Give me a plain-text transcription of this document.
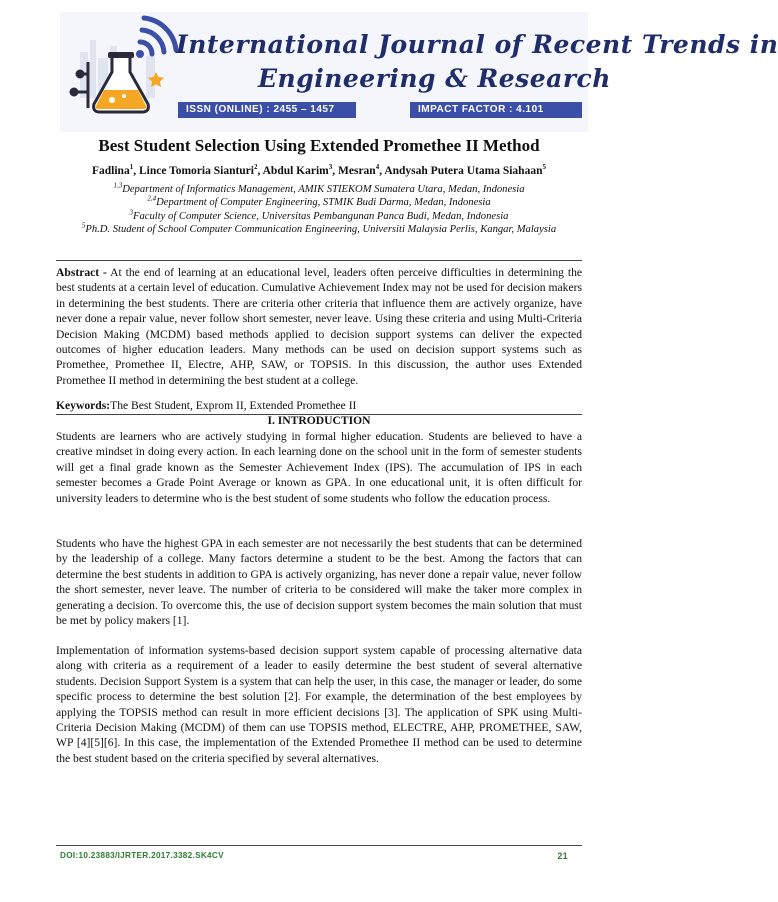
International Journal of Recent Trends in
Engineering & Research
ISSN (ONLINE) : 2455 – 1457	IMPACT FACTOR : 4.101
Best Student Selection Using Extended Promethee II Method
Fadlina$^1$, Lince Tomoria Sianturi$^2$, Abdul Karim$^3$, Mesran$^4$, Andysah Putera Utama Siahaan$^5$
$^{1,3}$Department of Informatics Management, AMIK STIEKOM Sumatera Utara, Medan, Indonesia
$^{2,4}$Department of Computer Engineering, STMIK Budi Darma, Medan, Indonesia
$^3$Faculty of Computer Science, Universitas Pembangunan Panca Budi, Medan, Indonesia
$^5$Ph.D. Student of School Computer Communication Engineering, Universiti Malaysia Perlis, Kangar, Malaysia

Abstract - At the end of learning at an educational level, leaders often perceive difficulties in determining the best students at a certain level of education. Cumulative Achievement Index may not be used for decision makers in determining the best students. There are criteria other criteria that influence them are actively organize, have never done a repair value, never follow short semester, never leave. Using these criteria and using Multi-Criteria Decision Making (MCDM) based methods applied to decision support systems can deliver the expected outcomes of higher education leaders. Many methods can be used on decision support systems such as Promethee, Promethee II, Electre, AHP, SAW, or TOPSIS. In this discussion, the author uses Extended Promethee II method in determining the best student at a college.

Keywords:The Best Student, Exprom II, Extended Promethee II

I. INTRODUCTION

Students are learners who are actively studying in formal higher education. Students are believed to have a creative mindset in doing every action. In each learning done on the school unit in the form of semester students will get a final grade known as the Semester Achievement Index (IPS). The accumulation of IPS in each semester becomes a Grade Point Average or known as GPA. In one educational unit, it is often difficult for university leaders to determine who is the best student of some students who follow the education process.

Students who have the highest GPA in each semester are not necessarily the best students that can be determined by the leadership of a college. Many factors determine a student to be the best. Among the factors that can determine the best students in addition to GPA is actively organizing, has never done a repair value, never follow the short semester, never leave. The number of criteria to be considered will make the taker more complex in generating a decision. To overcome this, the use of decision support system becomes the main solution that must be met by policy makers [1].

Implementation of information systems-based decision support system capable of processing alternative data along with criteria as a requirement of a leader to easily determine the best student of several alternative students. Decision Support System is a system that can help the user, in this case, the manager or leader, do some specific process to determine the best solution [2]. For example, the determination of the best employees by applying the TOPSIS method can result in more efficient decisions [3]. The application of SPK using Multi-Criteria Decision Making (MCDM) of them can use TOPSIS method, ELECTRE, AHP, PROMETHEE, SAW, WP [4][5][6]. In this case, the implementation of the Extended Promethee II method can be used to determine the best student based on the criteria specified by several alternatives.

DOI:10.23883/IJRTER.2017.3382.SK4CV	21
